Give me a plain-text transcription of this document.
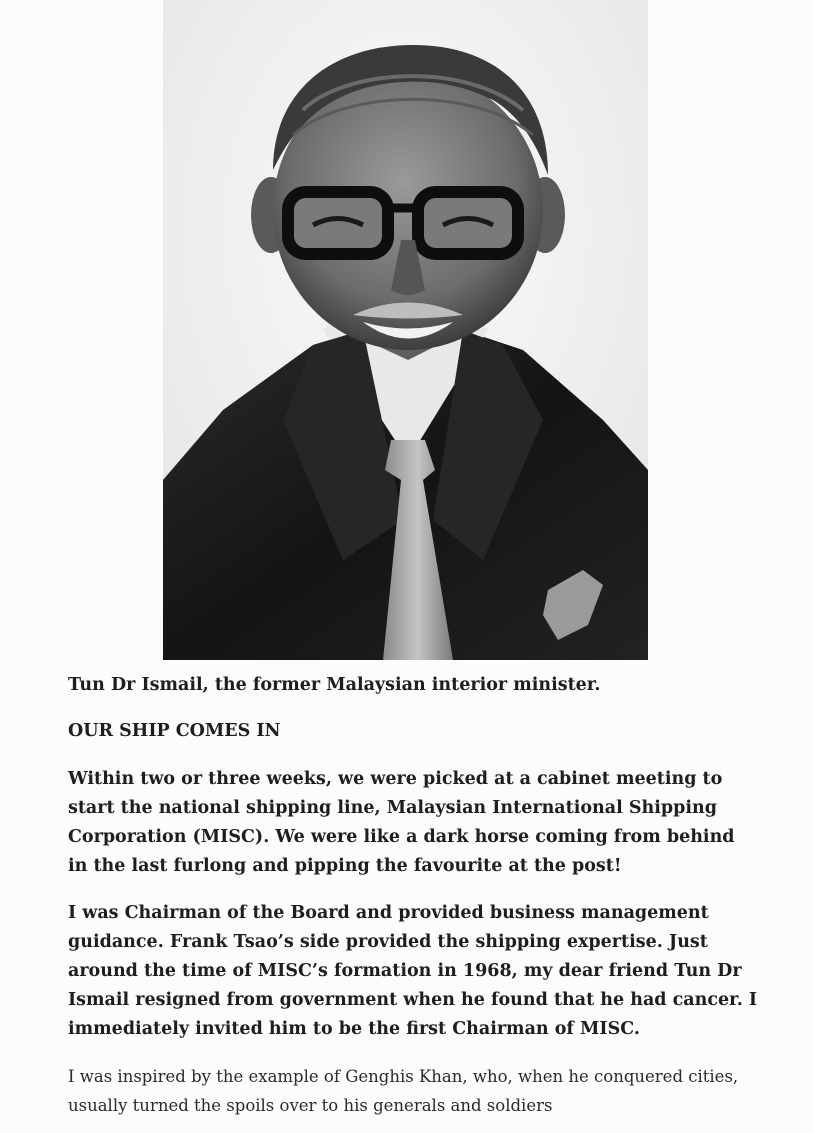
Tun Dr Ismail, the former Malaysian interior minister.

OUR SHIP COMES IN

Within two or three weeks, we were picked at a cabinet meeting to start the national shipping line, Malaysian International Shipping Corporation (MISC). We were like a dark horse coming from behind in the last furlong and pipping the favourite at the post!

I was Chairman of the Board and provided business management guidance. Frank Tsao’s side provided the shipping expertise. Just around the time of MISC’s formation in 1968, my dear friend Tun Dr Ismail resigned from government when he found that he had cancer. I immediately invited him to be the first Chairman of MISC.

I was inspired by the example of Genghis Khan, who, when he conquered cities, usually turned the spoils over to his generals and soldiers
